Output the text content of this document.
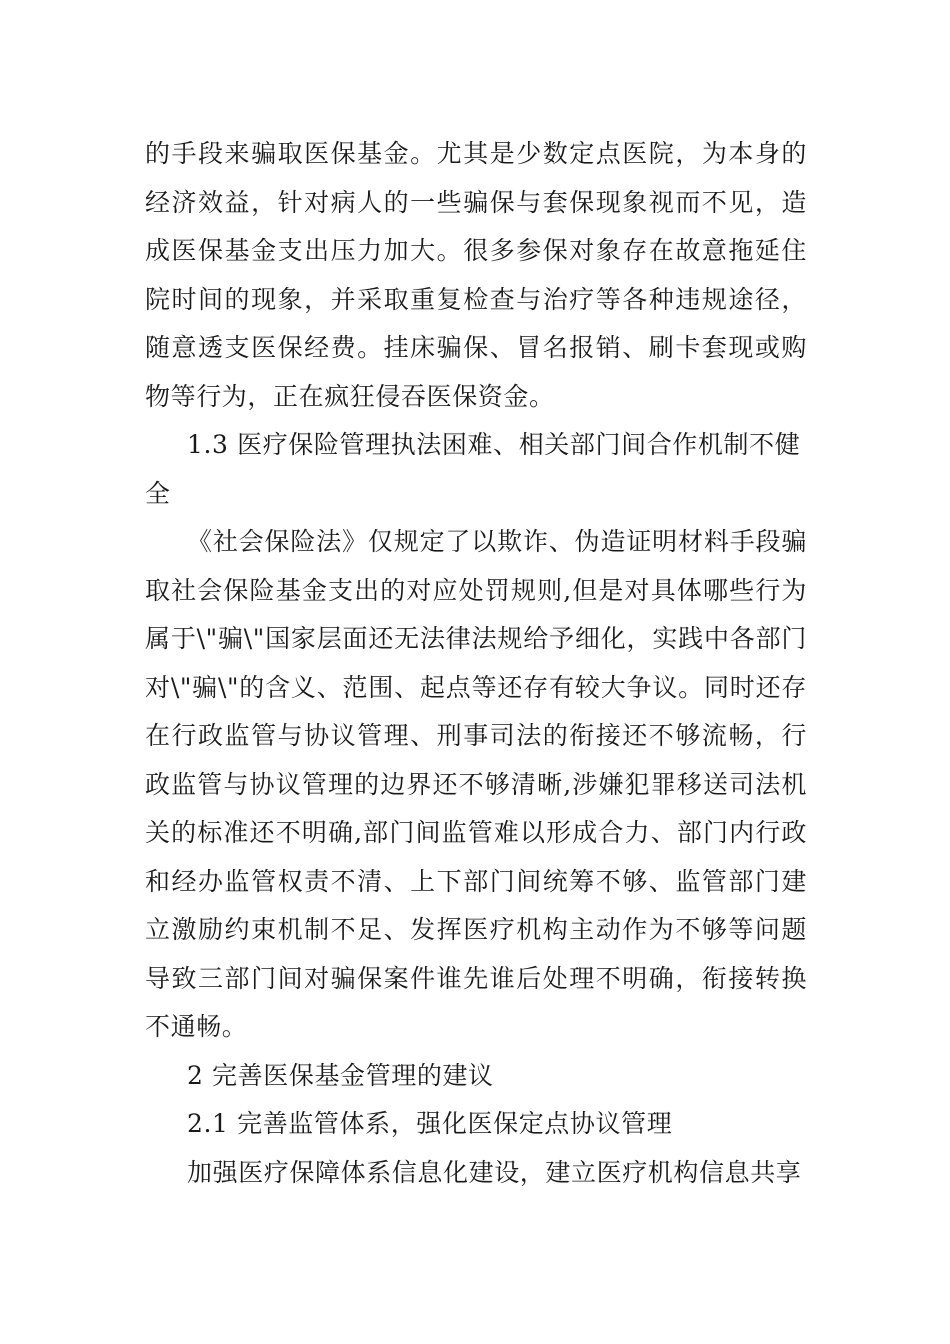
的手段来骗取医保基金。尤其是少数定点医院，为本身的经济效益，针对病人的一些骗保与套保现象视而不见，造成医保基金支出压力加大。很多参保对象存在故意拖延住院时间的现象，并采取重复检查与治疗等各种违规途径，随意透支医保经费。挂床骗保、冒名报销、刷卡套现或购物等行为，正在疯狂侵吞医保资金。

1.3 医疗保险管理执法困难、相关部门间合作机制不健全

《社会保险法》仅规定了以欺诈、伪造证明材料手段骗取社会保险基金支出的对应处罚规则,但是对具体哪些行为属于\"骗\"国家层面还无法律法规给予细化，实践中各部门对\"骗\"的含义、范围、起点等还存有较大争议。同时还存在行政监管与协议管理、刑事司法的衔接还不够流畅，行政监管与协议管理的边界还不够清晰,涉嫌犯罪移送司法机关的标准还不明确,部门间监管难以形成合力、部门内行政和经办监管权责不清、上下部门间统筹不够、监管部门建立激励约束机制不足、发挥医疗机构主动作为不够等问题导致三部门间对骗保案件谁先谁后处理不明确，衔接转换不通畅。

2 完善医保基金管理的建议

2.1 完善监管体系，强化医保定点协议管理

加强医疗保障体系信息化建设，建立医疗机构信息共享
